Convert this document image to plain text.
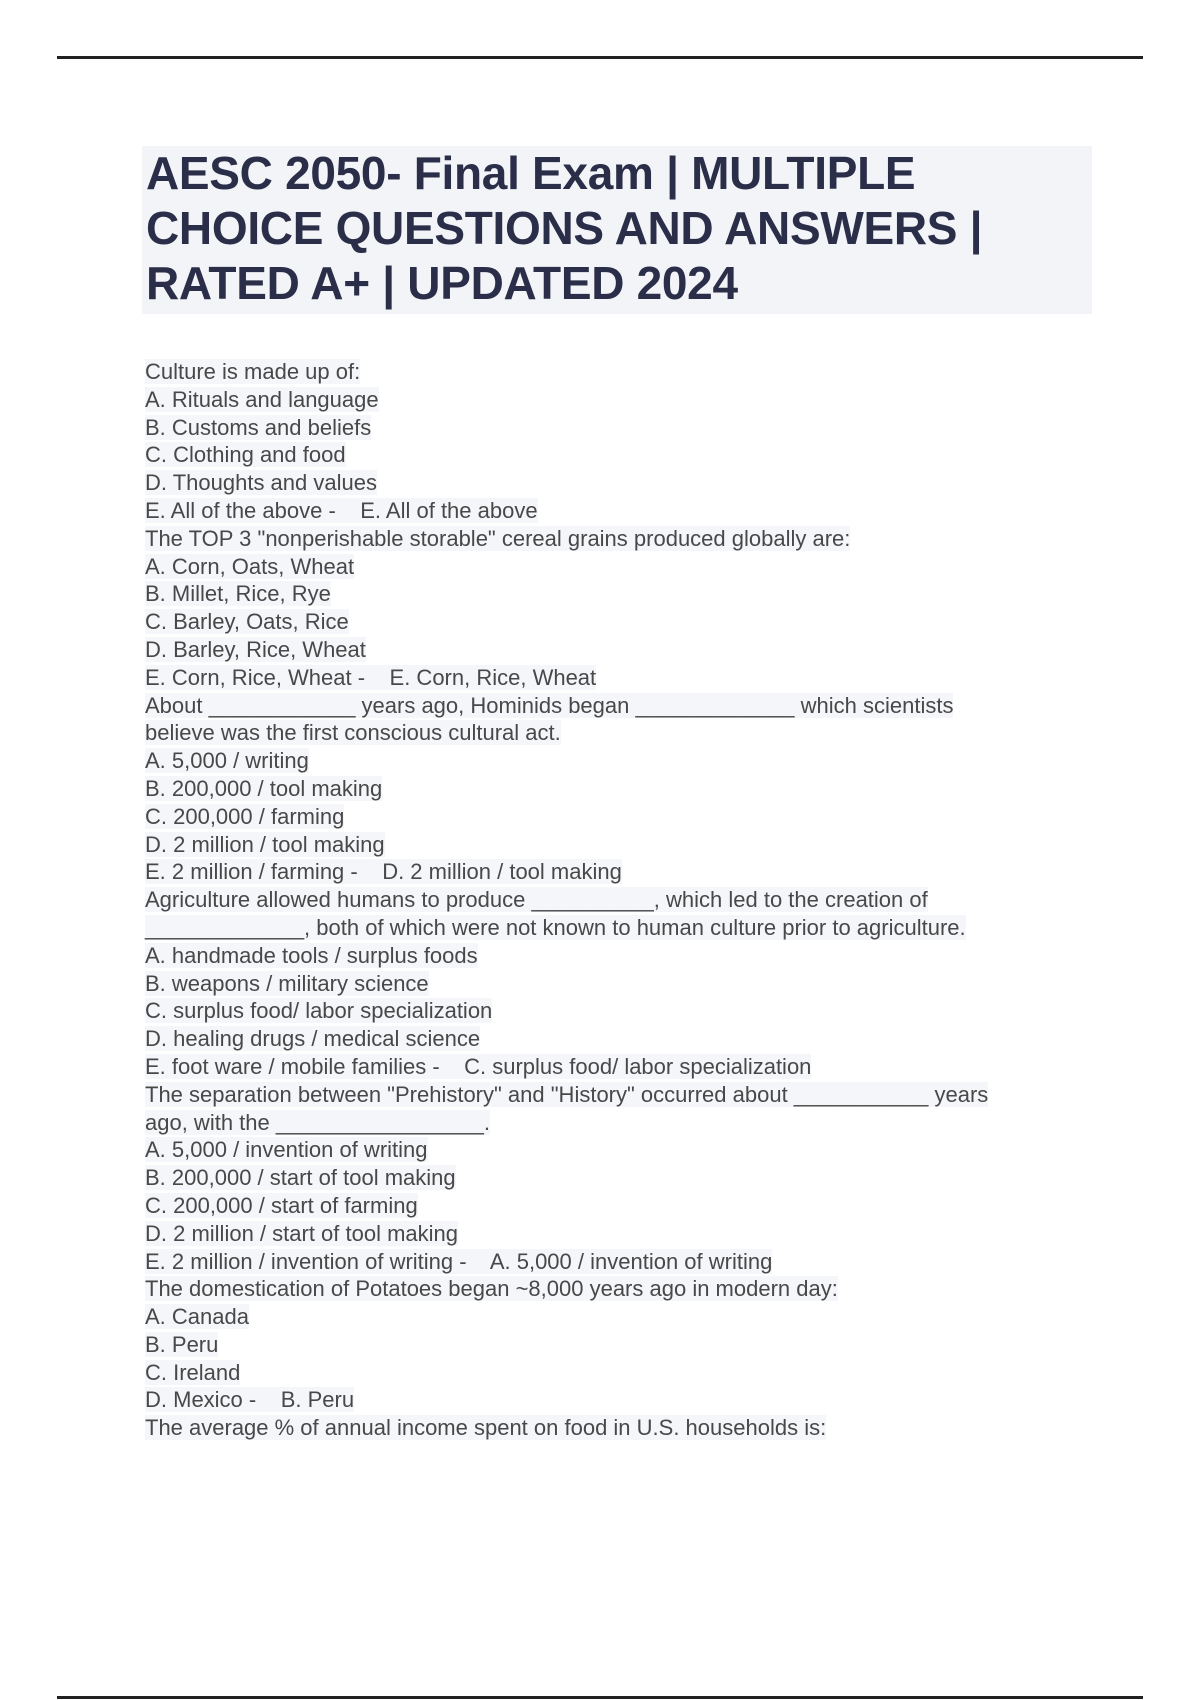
AESC 2050- Final Exam | MULTIPLE CHOICE QUESTIONS AND ANSWERS | RATED A+ | UPDATED 2024
Culture is made up of:
A. Rituals and language
B. Customs and beliefs
C. Clothing and food
D. Thoughts and values
E. All of the above - E. All of the above
The TOP 3 "nonperishable storable" cereal grains produced globally are:
A. Corn, Oats, Wheat
B. Millet, Rice, Rye
C. Barley, Oats, Rice
D. Barley, Rice, Wheat
E. Corn, Rice, Wheat - E. Corn, Rice, Wheat
About ____________ years ago, Hominids began _____________ which scientists
believe was the first conscious cultural act.
A. 5,000 / writing
B. 200,000 / tool making
C. 200,000 / farming
D. 2 million / tool making
E. 2 million / farming - D. 2 million / tool making
Agriculture allowed humans to produce __________, which led to the creation of
_____________, both of which were not known to human culture prior to agriculture.
A. handmade tools / surplus foods
B. weapons / military science
C. surplus food/ labor specialization
D. healing drugs / medical science
E. foot ware / mobile families - C. surplus food/ labor specialization
The separation between "Prehistory" and "History" occurred about ___________ years
ago, with the _________________.
A. 5,000 / invention of writing
B. 200,000 / start of tool making
C. 200,000 / start of farming
D. 2 million / start of tool making
E. 2 million / invention of writing - A. 5,000 / invention of writing
The domestication of Potatoes began ~8,000 years ago in modern day:
A. Canada
B. Peru
C. Ireland
D. Mexico - B. Peru
The average % of annual income spent on food in U.S. households is:
